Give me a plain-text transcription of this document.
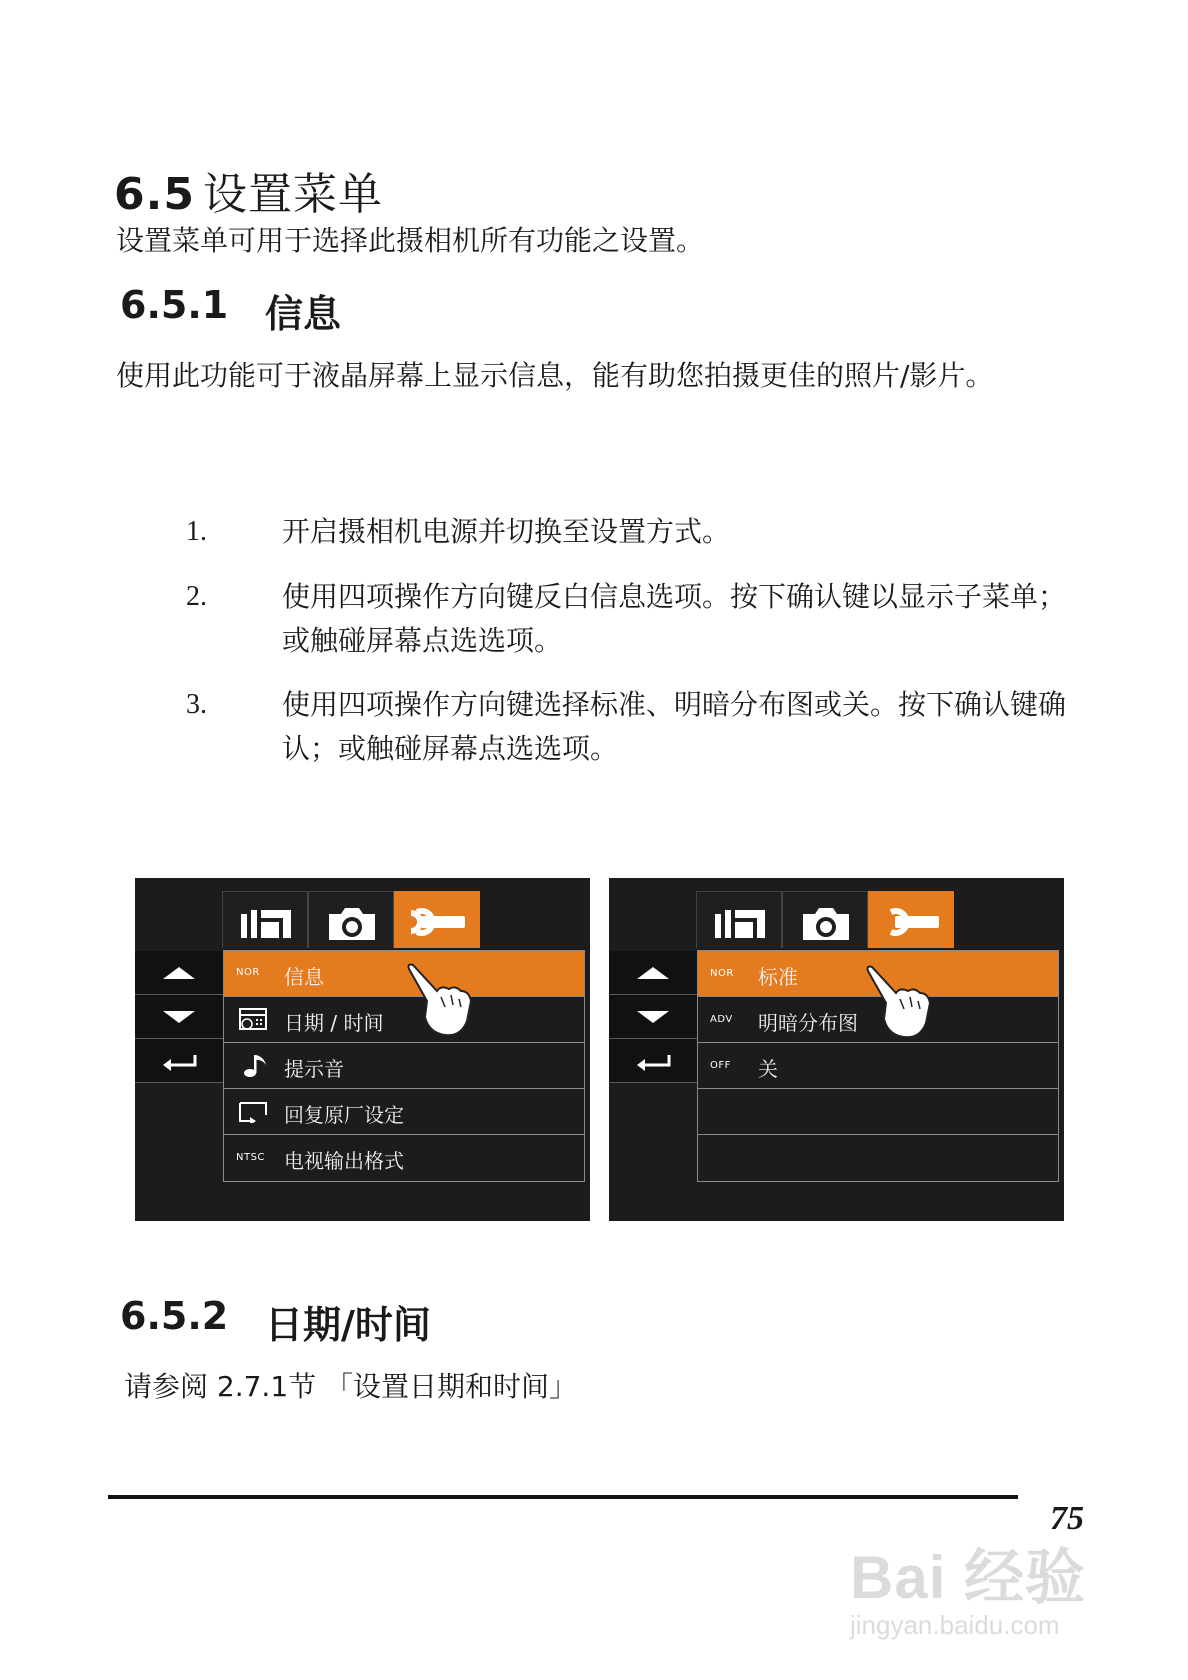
6.5 设置菜单
设置菜单可用于选择此摄相机所有功能之设置。
6.5.1 信息
使用此功能可于液晶屏幕上显示信息，能有助您拍摄更佳的照片/影片。
1.	开启摄相机电源并切换至设置方式。
2.	使用四项操作方向键反白信息选项。按下确认键以显示子菜单；或触碰屏幕点选选项。
3.	使用四项操作方向键选择标准、明暗分布图或关。按下确认键确认；或触碰屏幕点选选项。
NOR	信息
日期 / 时间
提示音
回复原厂设定
NTSC 电视输出格式
NOR	标准
ADV	明暗分布图
OFF	关
6.5.2 日期/时间
请参阅 2.7.1节 「设置日期和时间」
75
Bai 经验
jingyan.baidu.com
